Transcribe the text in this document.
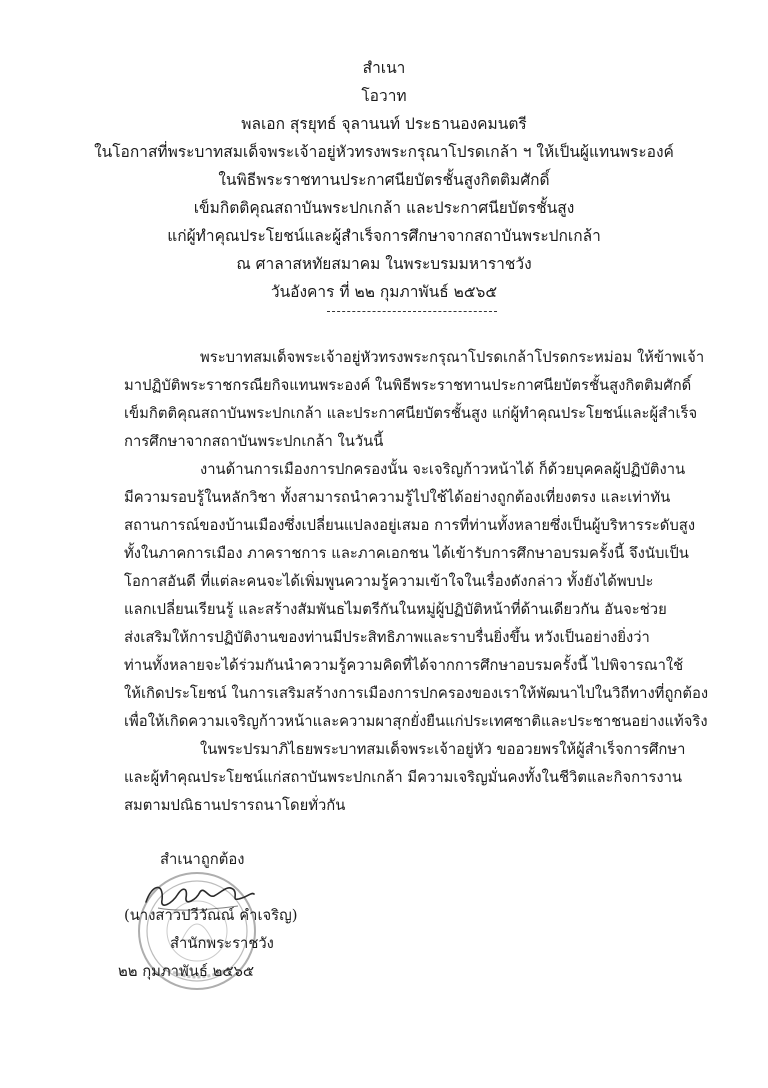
สำเนา
โอวาท
พลเอก สุรยุทธ์ จุลานนท์ ประธานองคมนตรี
ในโอกาสที่พระบาทสมเด็จพระเจ้าอยู่หัวทรงพระกรุณาโปรดเกล้า ฯ ให้เป็นผู้แทนพระองค์
ในพิธีพระราชทานประกาศนียบัตรชั้นสูงกิตติมศักดิ์
เข็มกิตติคุณสถาบันพระปกเกล้า และประกาศนียบัตรชั้นสูง
แก่ผู้ทำคุณประโยชน์และผู้สำเร็จการศึกษาจากสถาบันพระปกเกล้า
ณ ศาลาสหทัยสมาคม ในพระบรมมหาราชวัง
วันอังคาร ที่ ๒๒ กุมภาพันธ์ ๒๕๖๕
พระบาทสมเด็จพระเจ้าอยู่หัวทรงพระกรุณาโปรดเกล้าโปรดกระหม่อม ให้ข้าพเจ้า
มาปฏิบัติพระราชกรณียกิจแทนพระองค์ ในพิธีพระราชทานประกาศนียบัตรชั้นสูงกิตติมศักดิ์
เข็มกิตติคุณสถาบันพระปกเกล้า และประกาศนียบัตรชั้นสูง แก่ผู้ทำคุณประโยชน์และผู้สำเร็จ
การศึกษาจากสถาบันพระปกเกล้า ในวันนี้
งานด้านการเมืองการปกครองนั้น จะเจริญก้าวหน้าได้ ก็ด้วยบุคคลผู้ปฏิบัติงาน
มีความรอบรู้ในหลักวิชา ทั้งสามารถนำความรู้ไปใช้ได้อย่างถูกต้องเที่ยงตรง และเท่าทัน
สถานการณ์ของบ้านเมืองซึ่งเปลี่ยนแปลงอยู่เสมอ การที่ท่านทั้งหลายซึ่งเป็นผู้บริหารระดับสูง
ทั้งในภาคการเมือง ภาคราชการ และภาคเอกชน ได้เข้ารับการศึกษาอบรมครั้งนี้ จึงนับเป็น
โอกาสอันดี ที่แต่ละคนจะได้เพิ่มพูนความรู้ความเข้าใจในเรื่องดังกล่าว ทั้งยังได้พบปะ
แลกเปลี่ยนเรียนรู้ และสร้างสัมพันธไมตรีกันในหมู่ผู้ปฏิบัติหน้าที่ด้านเดียวกัน อันจะช่วย
ส่งเสริมให้การปฏิบัติงานของท่านมีประสิทธิภาพและราบรื่นยิ่งขึ้น หวังเป็นอย่างยิ่งว่า
ท่านทั้งหลายจะได้ร่วมกันนำความรู้ความคิดที่ได้จากการศึกษาอบรมครั้งนี้ ไปพิจารณาใช้
ให้เกิดประโยชน์ ในการเสริมสร้างการเมืองการปกครองของเราให้พัฒนาไปในวิถีทางที่ถูกต้อง
เพื่อให้เกิดความเจริญก้าวหน้าและความผาสุกยั่งยืนแก่ประเทศชาติและประชาชนอย่างแท้จริง
ในพระปรมาภิไธยพระบาทสมเด็จพระเจ้าอยู่หัว ขออวยพรให้ผู้สำเร็จการศึกษา
และผู้ทำคุณประโยชน์แก่สถาบันพระปกเกล้า มีความเจริญมั่นคงทั้งในชีวิตและกิจการงาน
สมตามปณิธานปรารถนาโดยทั่วกัน
สำเนาถูกต้อง
(นางสาวปวีวัณณ์ คำเจริญ)
สำนักพระราชวัง
๒๒ กุมภาพันธ์ ๒๕๖๕
